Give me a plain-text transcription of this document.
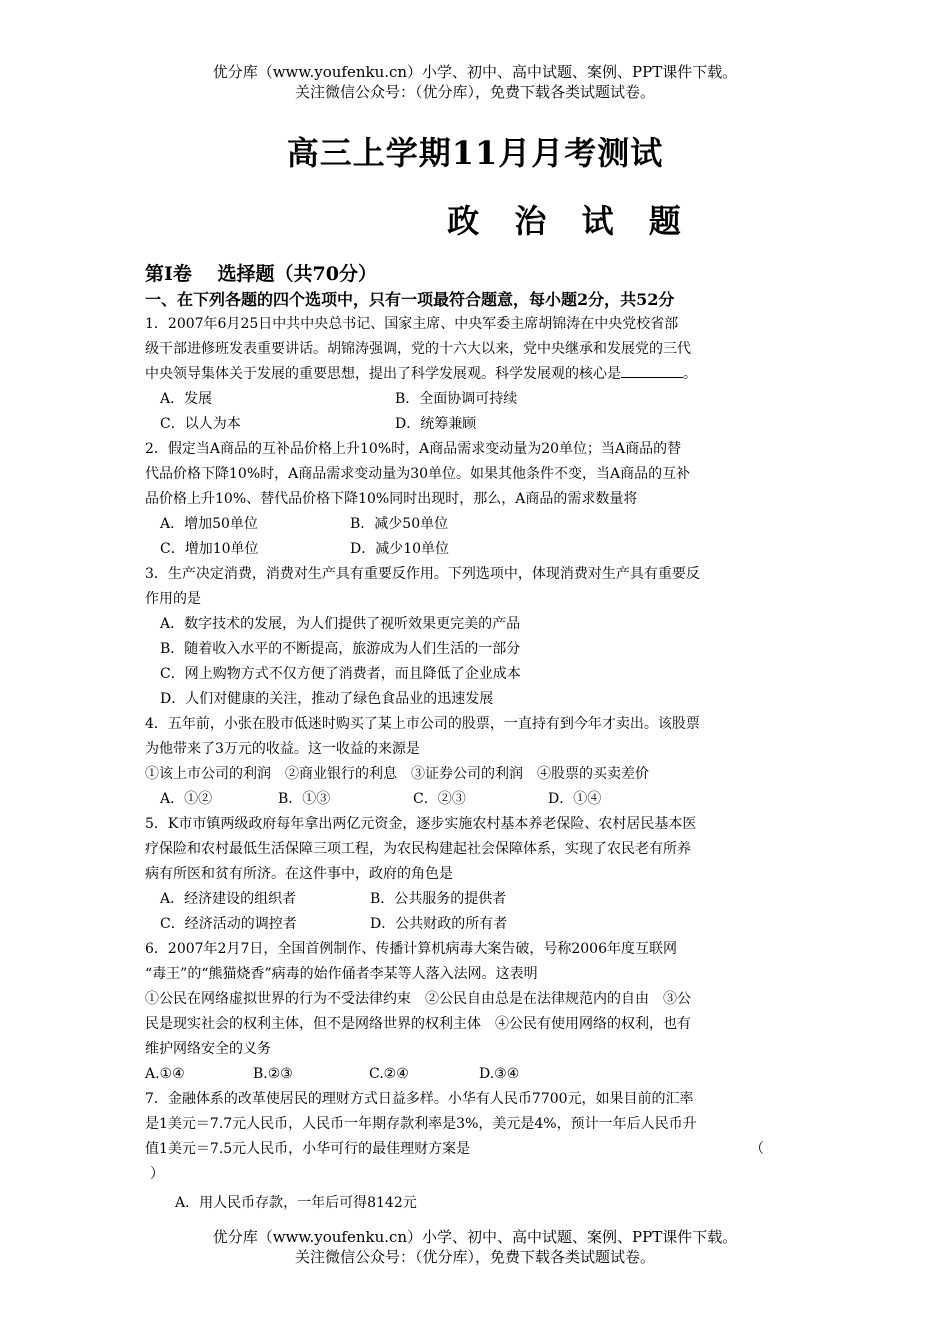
优分库（www.youfenku.cn）小学、初中、高中试题、案例、PPT课件下载。
关注微信公众号：（优分库），免费下载各类试题试卷。
高三上学期11月月考测试
政 治 试 题
第Ⅰ卷　 选择题（共70分）
一、在下列各题的四个选项中，只有一项最符合题意，每小题2分，共52分
1．2007年6月25日中共中央总书记、国家主席、中央军委主席胡锦涛在中央党校省部
级干部进修班发表重要讲话。胡锦涛强调，党的十六大以来，党中央继承和发展党的三代
中央领导集体关于发展的重要思想，提出了科学发展观。科学发展观的核心是	。
A．发展	B．全面协调可持续
C．以人为本	D．统筹兼顾
2．假定当A商品的互补品价格上升10%时，A商品需求变动量为20单位；当A商品的替
代品价格下降10%时，A商品需求变动量为30单位。如果其他条件不变，当A商品的互补
品价格上升10%、替代品价格下降10%同时出现时，那么，A商品的需求数量将
A．增加50单位	B．减少50单位
C．增加10单位	D．减少10单位
3．生产决定消费，消费对生产具有重要反作用。下列选项中，体现消费对生产具有重要反
作用的是
A．数字技术的发展，为人们提供了视听效果更完美的产品
B．随着收入水平的不断提高，旅游成为人们生活的一部分
C．网上购物方式不仅方便了消费者，而且降低了企业成本
D．人们对健康的关注，推动了绿色食品业的迅速发展
4．五年前，小张在股市低迷时购买了某上市公司的股票，一直持有到今年才卖出。该股票
为他带来了3万元的收益。这一收益的来源是
①该上市公司的利润　②商业银行的利息　③证券公司的利润　④股票的买卖差价
A．①②	B．①③	C．②③	D．①④
5．K市市镇两级政府每年拿出两亿元资金，逐步实施农村基本养老保险、农村居民基本医
疗保险和农村最低生活保障三项工程，为农民构建起社会保障体系，实现了农民老有所养
病有所医和贫有所济。在这件事中，政府的角色是
A．经济建设的组织者	B．公共服务的提供者
C．经济活动的调控者	D．公共财政的所有者
6．2007年2月7日，全国首例制作、传播计算机病毒大案告破，号称2006年度互联网
“毒王”的“熊猫烧香”病毒的始作俑者李某等人落入法网。这表明
①公民在网络虚拟世界的行为不受法律约束　②公民自由总是在法律规范内的自由　③公
民是现实社会的权利主体，但不是网络世界的权利主体　④公民有使用网络的权利，也有
维护网络安全的义务
A.①④	B.②③	C.②④	D.③④
7．金融体系的改革使居民的理财方式日益多样。小华有人民币7700元，如果目前的汇率
是1美元＝7.7元人民币，人民币一年期存款利率是3%，美元是4%，预计一年后人民币升
值1美元＝7.5元人民币，小华可行的最佳理财方案是	（
）
A．用人民币存款，一年后可得8142元
优分库（www.youfenku.cn）小学、初中、高中试题、案例、PPT课件下载。
关注微信公众号：（优分库），免费下载各类试题试卷。
